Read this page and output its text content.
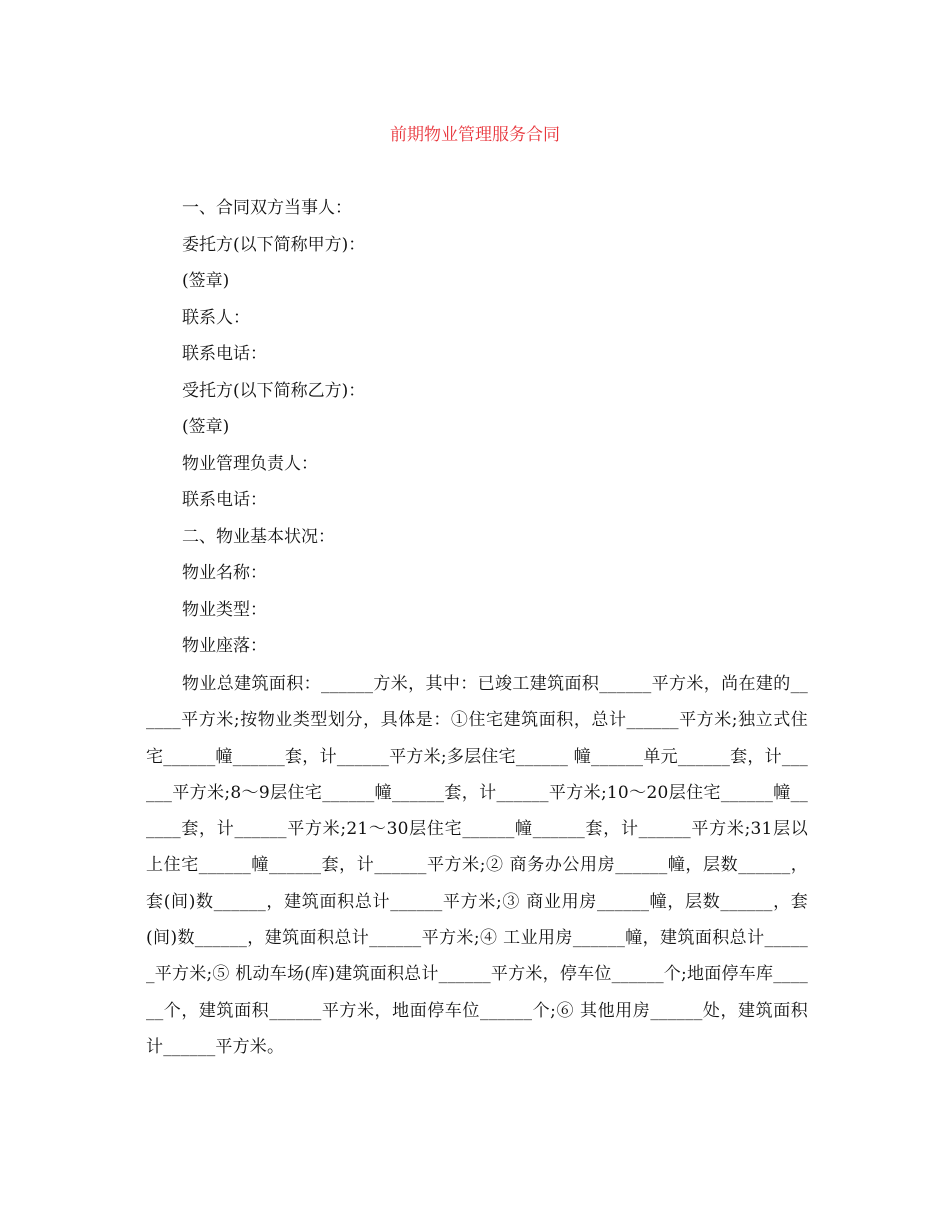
前期物业管理服务合同
一、合同双方当事人：
委托方(以下简称甲方)：
(签章)
联系人：
联系电话：
受托方(以下简称乙方)：
(签章)
物业管理负责人：
联系电话：
二、物业基本状况：
物业名称：
物业类型：
物业座落：
物业总建筑面积：______方米，其中：已竣工建筑面积______平方米，尚在建的______平方米;按物业类型划分，具体是：①住宅建筑面积，总计______平方米;独立式住宅______幢______套，计______平方米;多层住宅______ 幢______单元______套，计______平方米;8～9层住宅______幢______套，计______平方米;10～20层住宅______幢______套，计______平方米;21～30层住宅______幢______套，计______平方米;31层以上住宅______幢______套，计______平方米;② 商务办公用房______幢，层数______，套(间)数______，建筑面积总计______平方米;③ 商业用房______幢，层数______，套(间)数______，建筑面积总计______平方米;④ 工业用房______幢，建筑面积总计______平方米;⑤ 机动车场(库)建筑面积总计______平方米，停车位______个;地面停车库______个，建筑面积______平方米，地面停车位______个;⑥ 其他用房______处，建筑面积计______平方米。
